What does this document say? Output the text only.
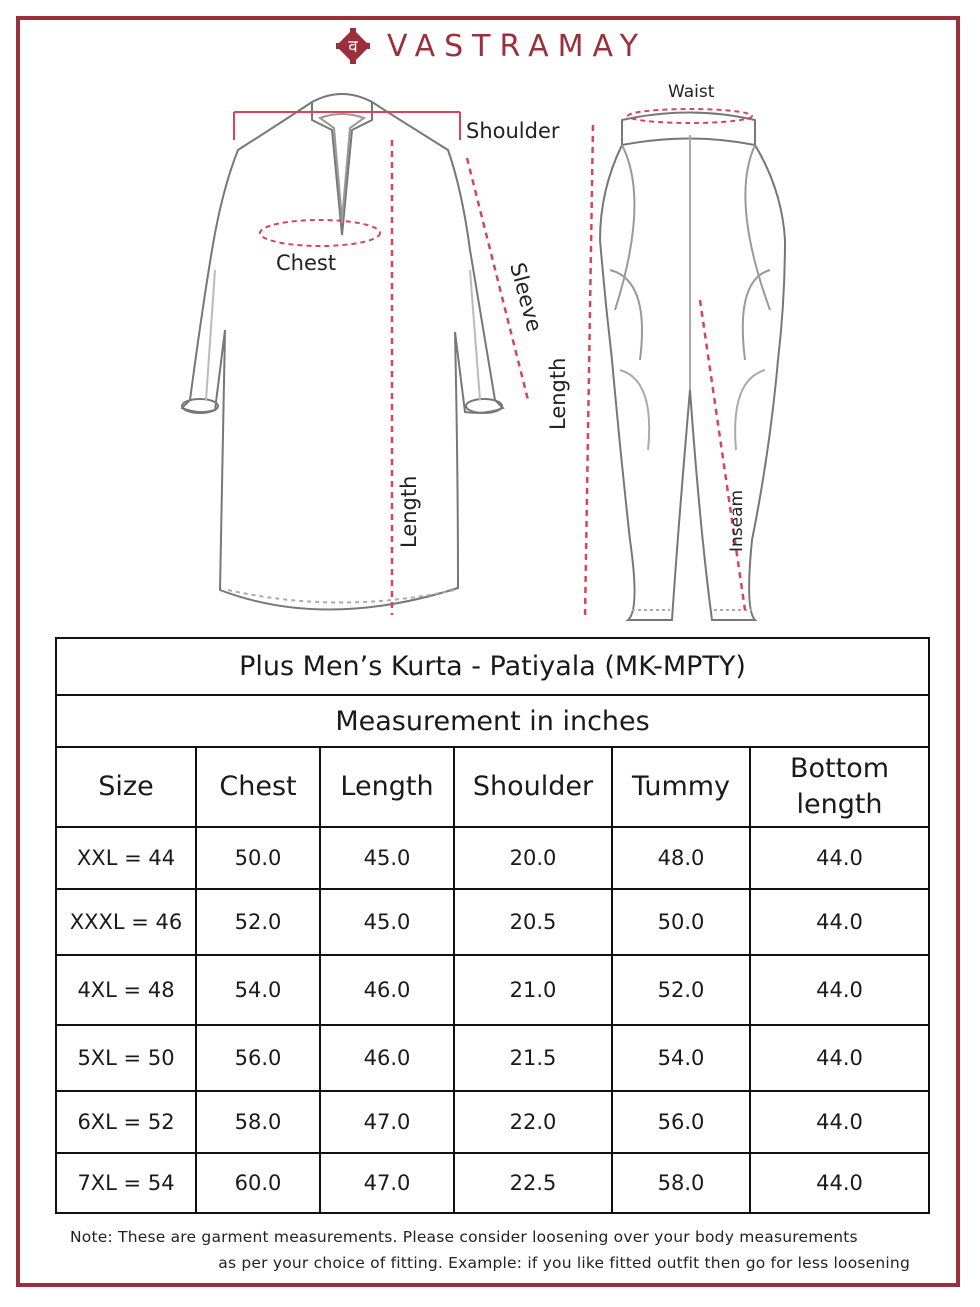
व VASTRAMAY
Shoulder
Chest	Sleeve
Length
Waist
Length
Inseam
Plus Men’s Kurta - Patiyala (MK-MPTY)					
Measurement in inches					
Size	Chest	Length	Shoulder	Tummy	Bottom length
XXL = 44	50.0	45.0	20.0	48.0	44.0
XXXL = 46	52.0	45.0	20.5	50.0	44.0
4XL = 48	54.0	46.0	21.0	52.0	44.0
5XL = 50	56.0	46.0	21.5	54.0	44.0
6XL = 52	58.0	47.0	22.0	56.0	44.0
7XL = 54	60.0	47.0	22.5	58.0	44.0
Note: These are garment measurements. Please consider loosening over your body measurements
as per your choice of fitting. Example: if you like fitted outfit then go for less loosening
